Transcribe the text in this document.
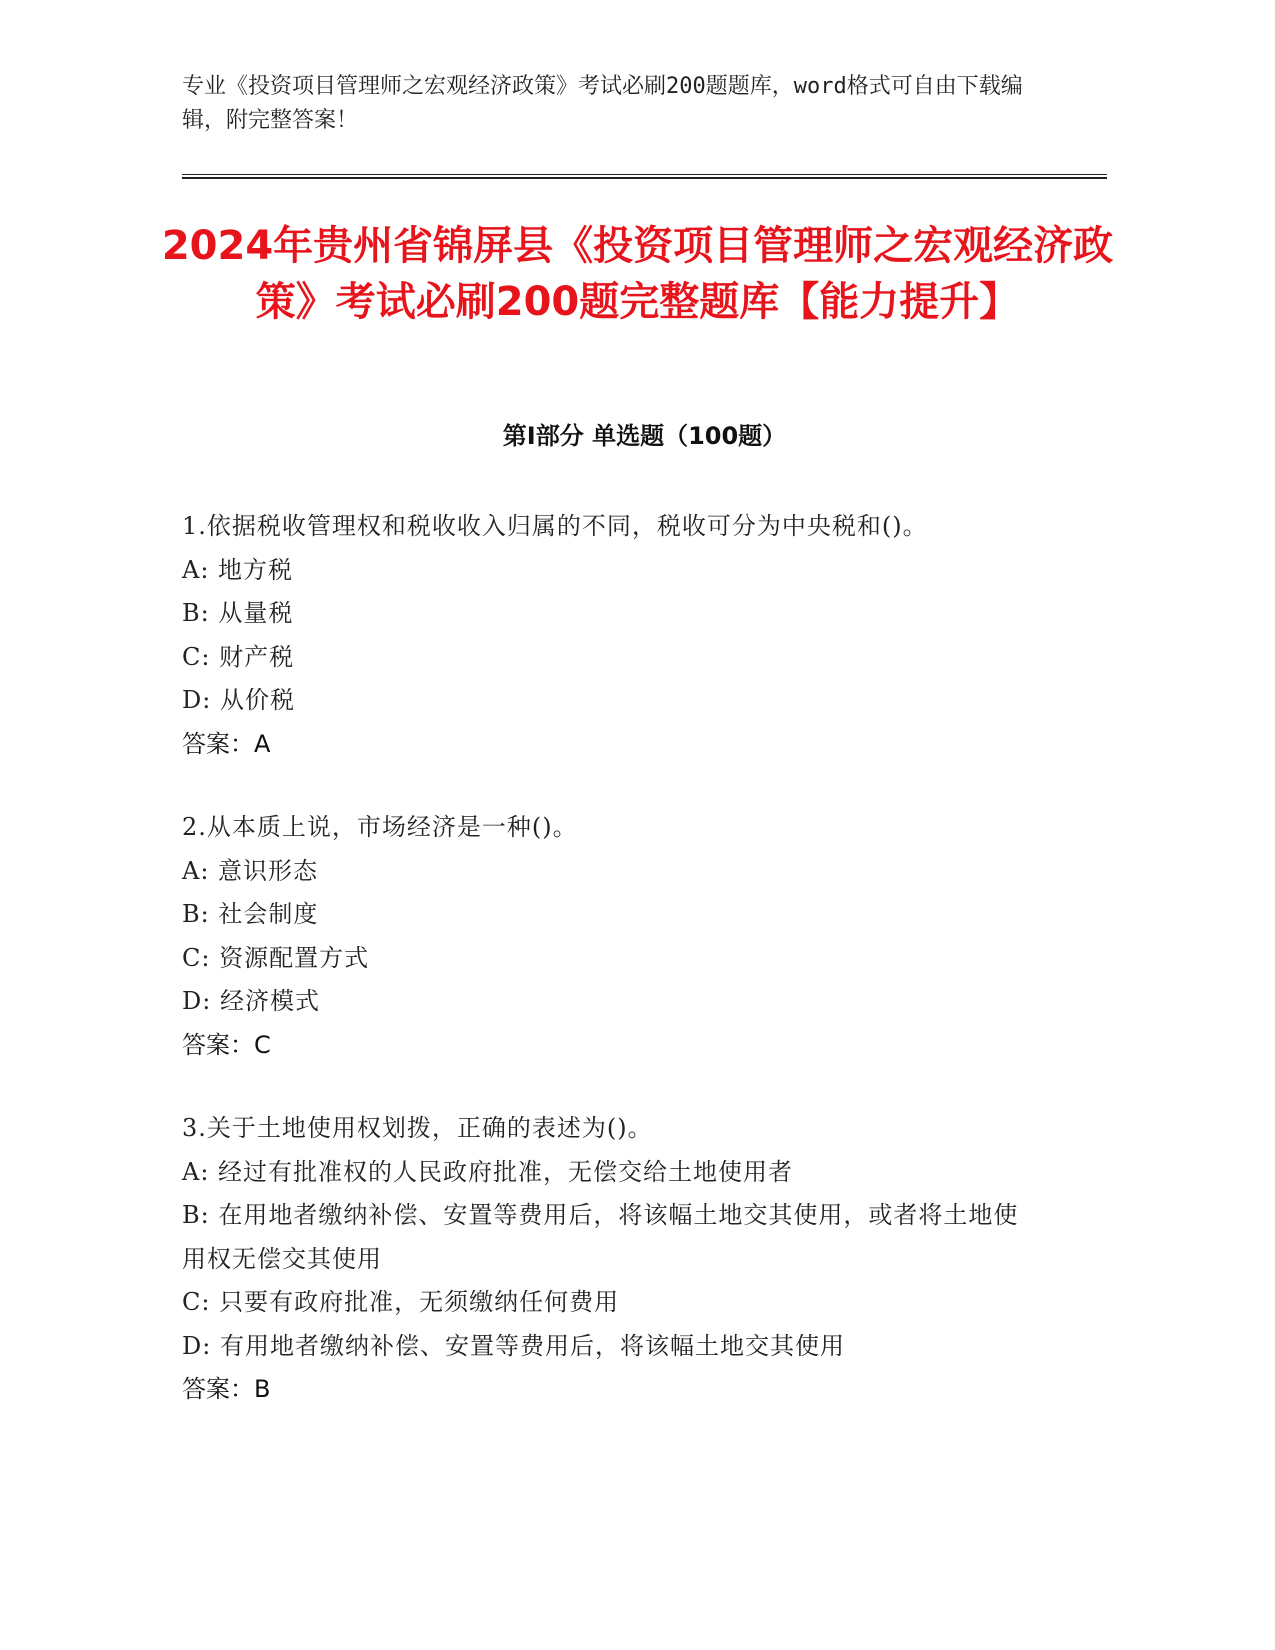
专业《投资项目管理师之宏观经济政策》考试必刷200题题库，word格式可自由下载编辑，附完整答案！
2024年贵州省锦屏县《投资项目管理师之宏观经济政策》考试必刷200题完整题库【能力提升】
第I部分 单选题（100题）
1.依据税收管理权和税收收入归属的不同，税收可分为中央税和()。
A: 地方税
B: 从量税
C: 财产税
D: 从价税
答案：A
2.从本质上说，市场经济是一种()。
A: 意识形态
B: 社会制度
C: 资源配置方式
D: 经济模式
答案：C
3.关于土地使用权划拨，正确的表述为()。
A: 经过有批准权的人民政府批准，无偿交给土地使用者
B: 在用地者缴纳补偿、安置等费用后，将该幅土地交其使用，或者将土地使用权无偿交其使用
C: 只要有政府批准，无须缴纳任何费用
D: 有用地者缴纳补偿、安置等费用后，将该幅土地交其使用
答案：B
